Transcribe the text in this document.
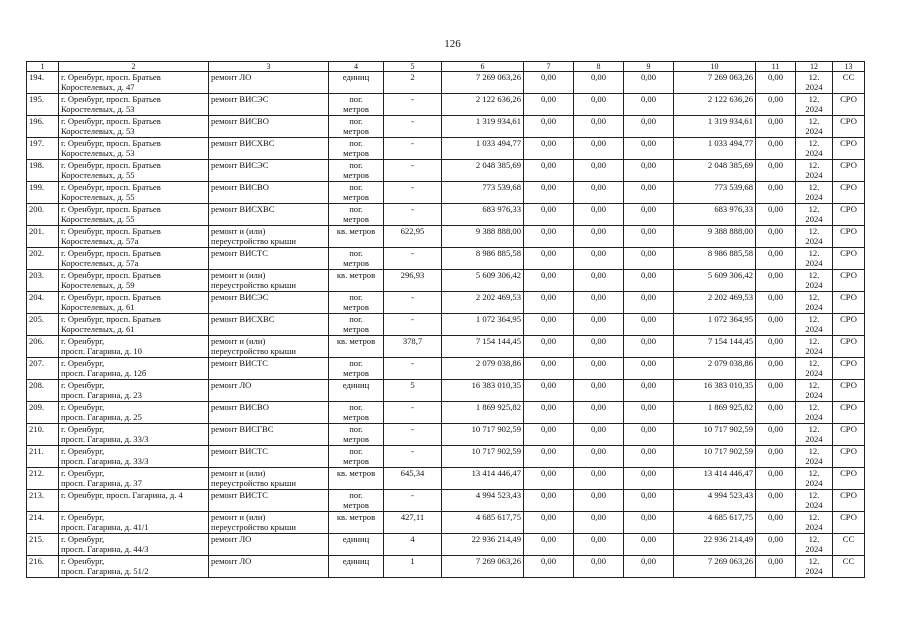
126
1	2	3	4	5	6	7	8	9	10	11	12	13
194.	г. Оренбург, просп. Братьев
Коростелевых, д. 47	ремонт ЛО	единиц	2	7 269 063,26	0,00	0,00	0,00	7 269 063,26	0,00	12.
2024	СС
195.	г. Оренбург, просп. Братьев
Коростелевых, д. 53	ремонт ВИСЭС	пог.
метров	-	2 122 636,26	0,00	0,00	0,00	2 122 636,26	0,00	12.
2024	СРО
196.	г. Оренбург, просп. Братьев
Коростелевых, д. 53	ремонт ВИСВО	пог.
метров	-	1 319 934,61	0,00	0,00	0,00	1 319 934,61	0,00	12.
2024	СРО
197.	г. Оренбург, просп. Братьев
Коростелевых, д. 53	ремонт ВИСХВС	пог.
метров	-	1 033 494,77	0,00	0,00	0,00	1 033 494,77	0,00	12.
2024	СРО
198.	г. Оренбург, просп. Братьев
Коростелевых, д. 55	ремонт ВИСЭС	пог.
метров	-	2 048 385,69	0,00	0,00	0,00	2 048 385,69	0,00	12.
2024	СРО
199.	г. Оренбург, просп. Братьев
Коростелевых, д. 55	ремонт ВИСВО	пог.
метров	-	773 539,68	0,00	0,00	0,00	773 539,68	0,00	12.
2024	СРО
200.	г. Оренбург, просп. Братьев
Коростелевых, д. 55	ремонт ВИСХВС	пог.
метров	-	683 976,33	0,00	0,00	0,00	683 976,33	0,00	12.
2024	СРО
201.	г. Оренбург, просп. Братьев
Коростелевых, д. 57а	ремонт и (или)
переустройство крыши	кв. метров	622,95	9 388 888,00	0,00	0,00	0,00	9 388 888,00	0,00	12.
2024	СРО
202.	г. Оренбург, просп. Братьев
Коростелевых, д. 57а	ремонт ВИСТС	пог.
метров	-	8 986 885,58	0,00	0,00	0,00	8 986 885,58	0,00	12.
2024	СРО
203.	г. Оренбург, просп. Братьев
Коростелевых, д. 59	ремонт и (или)
переустройство крыши	кв. метров	296,93	5 609 306,42	0,00	0,00	0,00	5 609 306,42	0,00	12.
2024	СРО
204.	г. Оренбург, просп. Братьев
Коростелевых, д. 61	ремонт ВИСЭС	пог.
метров	-	2 202 469,53	0,00	0,00	0,00	2 202 469,53	0,00	12.
2024	СРО
205.	г. Оренбург, просп. Братьев
Коростелевых, д. 61	ремонт ВИСХВС	пог.
метров	-	1 072 364,95	0,00	0,00	0,00	1 072 364,95	0,00	12.
2024	СРО
206.	г. Оренбург,
просп. Гагарина, д. 10	ремонт и (или)
переустройство крыши	кв. метров	378,7	7 154 144,45	0,00	0,00	0,00	7 154 144,45	0,00	12.
2024	СРО
207.	г. Оренбург,
просп. Гагарина, д. 12б	ремонт ВИСТС	пог.
метров	-	2 079 038,86	0,00	0,00	0,00	2 079 038,86	0,00	12.
2024	СРО
208.	г. Оренбург,
просп. Гагарина, д. 23	ремонт ЛО	единиц	5	16 383 010,35	0,00	0,00	0,00	16 383 010,35	0,00	12.
2024	СРО
209.	г. Оренбург,
просп. Гагарина, д. 25	ремонт ВИСВО	пог.
метров	-	1 869 925,82	0,00	0,00	0,00	1 869 925,82	0,00	12.
2024	СРО
210.	г. Оренбург,
просп. Гагарина, д. 33/3	ремонт ВИСГВС	пог.
метров	-	10 717 902,59	0,00	0,00	0,00	10 717 902,59	0,00	12.
2024	СРО
211.	г. Оренбург,
просп. Гагарина, д. 33/3	ремонт ВИСТС	пог.
метров	-	10 717 902,59	0,00	0,00	0,00	10 717 902,59	0,00	12.
2024	СРО
212.	г. Оренбург,
просп. Гагарина, д. 37	ремонт и (или)
переустройство крыши	кв. метров	645,34	13 414 446,47	0,00	0,00	0,00	13 414 446,47	0,00	12.
2024	СРО
213.	г. Оренбург, просп. Гагарина, д. 4	ремонт ВИСТС	пог.
метров	-	4 994 523,43	0,00	0,00	0,00	4 994 523,43	0,00	12.
2024	СРО
214.	г. Оренбург,
просп. Гагарина, д. 41/1	ремонт и (или)
переустройство крыши	кв. метров	427,11	4 685 617,75	0,00	0,00	0,00	4 685 617,75	0,00	12.
2024	СРО
215.	г. Оренбург,
просп. Гагарина, д. 44/3	ремонт ЛО	единиц	4	22 936 214,49	0,00	0,00	0,00	22 936 214,49	0,00	12.
2024	СС
216.	г. Оренбург,
просп. Гагарина, д. 51/2	ремонт ЛО	единиц	1	7 269 063,26	0,00	0,00	0,00	7 269 063,26	0,00	12.
2024	СС
